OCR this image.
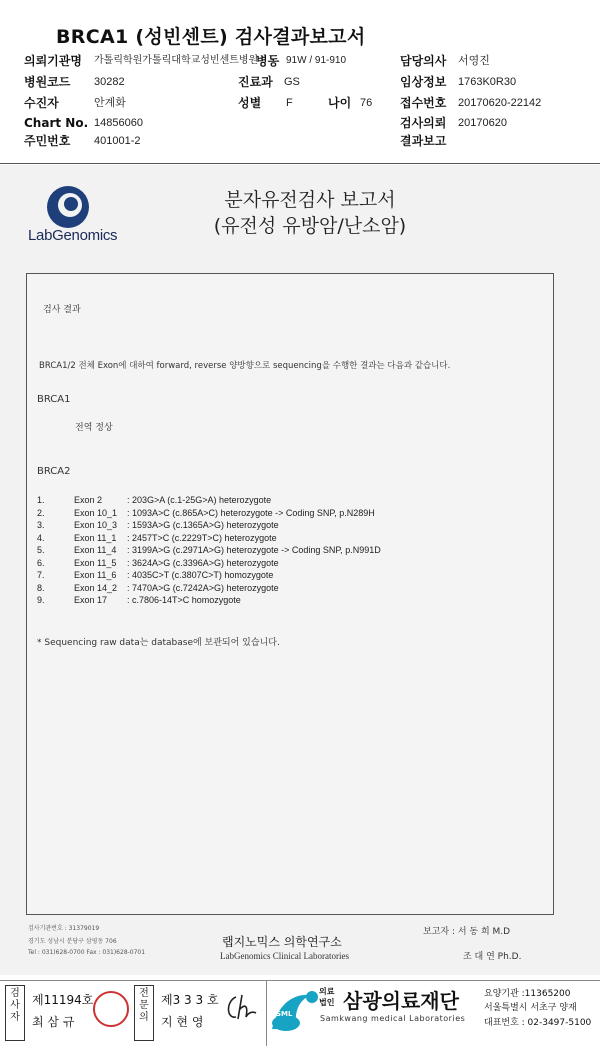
BRCA1 (성빈센트) 검사결과보고서
의뢰기관명 가톨릭학원가톨릭대학교성빈센트병원
병동 91W / 91-910	담당의사 서영진
병원코드 30282	진료과 GS	임상정보 1763K0R30
수진자	안계화	성별 F	나이 76 접수번호 20170620-22142
Chart No. 14856060	검사의뢰 20170620
주민번호 401001-2	결과보고
LabGenomics
분자유전검사 보고서
(유전성 유방암/난소암)
검사 결과
BRCA1/2 전체 Exon에 대하여 forward, reverse 양방향으로 sequencing을 수행한 결과는 다음과 같습니다.
BRCA1
전역 정상
BRCA2
1.	Exon 2	: 203G>A (c.1-25G>A) heterozygote
2.	Exon 10_1 : 1093A>C (c.865A>C) heterozygote -> Coding SNP, p.N289H
3.	Exon 10_3 : 1593A>G (c.1365A>G) heterozygote
4.	Exon 11_1 : 2457T>C (c.2229T>C) heterozygote
5.	Exon 11_4 : 3199A>G (c.2971A>G) heterozygote -> Coding SNP, p.N991D
6.	Exon 11_5 : 3624A>G (c.3396A>G) heterozygote
7.	Exon 11_6 : 4035C>T (c.3807C>T) homozygote
8.	Exon 14_2 : 7470A>G (c.7242A>G) heterozygote
9.	Exon 17 : c.7806-14T>C homozygote
* Sequencing raw data는 database에 보관되어 있습니다.
검사기관번호 : 31379019
경기도 성남시 분당구 삼평동 706
Tel : 031)628-0700 Fax : 031)628-0701
랩지노믹스 의학연구소
LabGenomics Clinical Laboratories
보고자 : 서 동 희 M.D
조 대 연 Ph.D.
검
사
자
제11194호
최 삼 규
전
문
의
제3 3 3 호
지 현 영
SML
의료
법인 삼광의료재단
Samkwang medical Laboratories
요양기관 :11365200
서울특별시 서초구 양재
대표번호 : 02-3497-5100
